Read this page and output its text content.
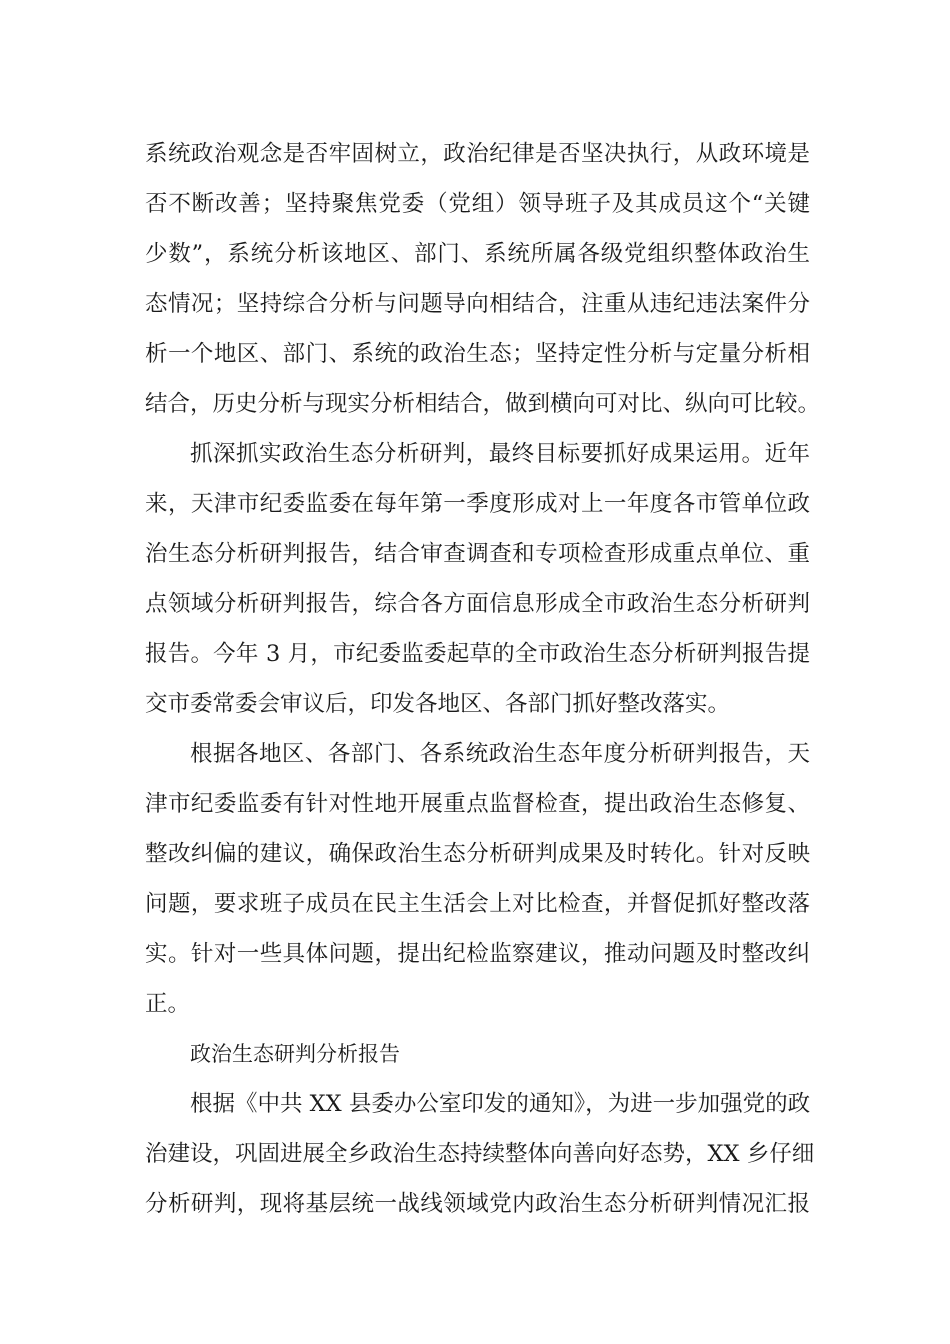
系统政治观念是否牢固树立，政治纪律是否坚决执行，从政环境是
否不断改善；坚持聚焦党委（党组）领导班子及其成员这个“关键
少数”，系统分析该地区、部门、系统所属各级党组织整体政治生
态情况；坚持综合分析与问题导向相结合，注重从违纪违法案件分
析一个地区、部门、系统的政治生态；坚持定性分析与定量分析相
结合，历史分析与现实分析相结合，做到横向可对比、纵向可比较。
抓深抓实政治生态分析研判，最终目标要抓好成果运用。近年
来，天津市纪委监委在每年第一季度形成对上一年度各市管单位政
治生态分析研判报告，结合审查调查和专项检查形成重点单位、重
点领域分析研判报告，综合各方面信息形成全市政治生态分析研判
报告。今年 3 月，市纪委监委起草的全市政治生态分析研判报告提
交市委常委会审议后，印发各地区、各部门抓好整改落实。
根据各地区、各部门、各系统政治生态年度分析研判报告，天
津市纪委监委有针对性地开展重点监督检查，提出政治生态修复、
整改纠偏的建议，确保政治生态分析研判成果及时转化。针对反映
问题，要求班子成员在民主生活会上对比检查，并督促抓好整改落
实。针对一些具体问题，提出纪检监察建议，推动问题及时整改纠
正。
政治生态研判分析报告
根据《中共 XX 县委办公室印发的通知》，为进一步加强党的政
治建设，巩固进展全乡政治生态持续整体向善向好态势，XX 乡仔细
分析研判，现将基层统一战线领域党内政治生态分析研判情况汇报
